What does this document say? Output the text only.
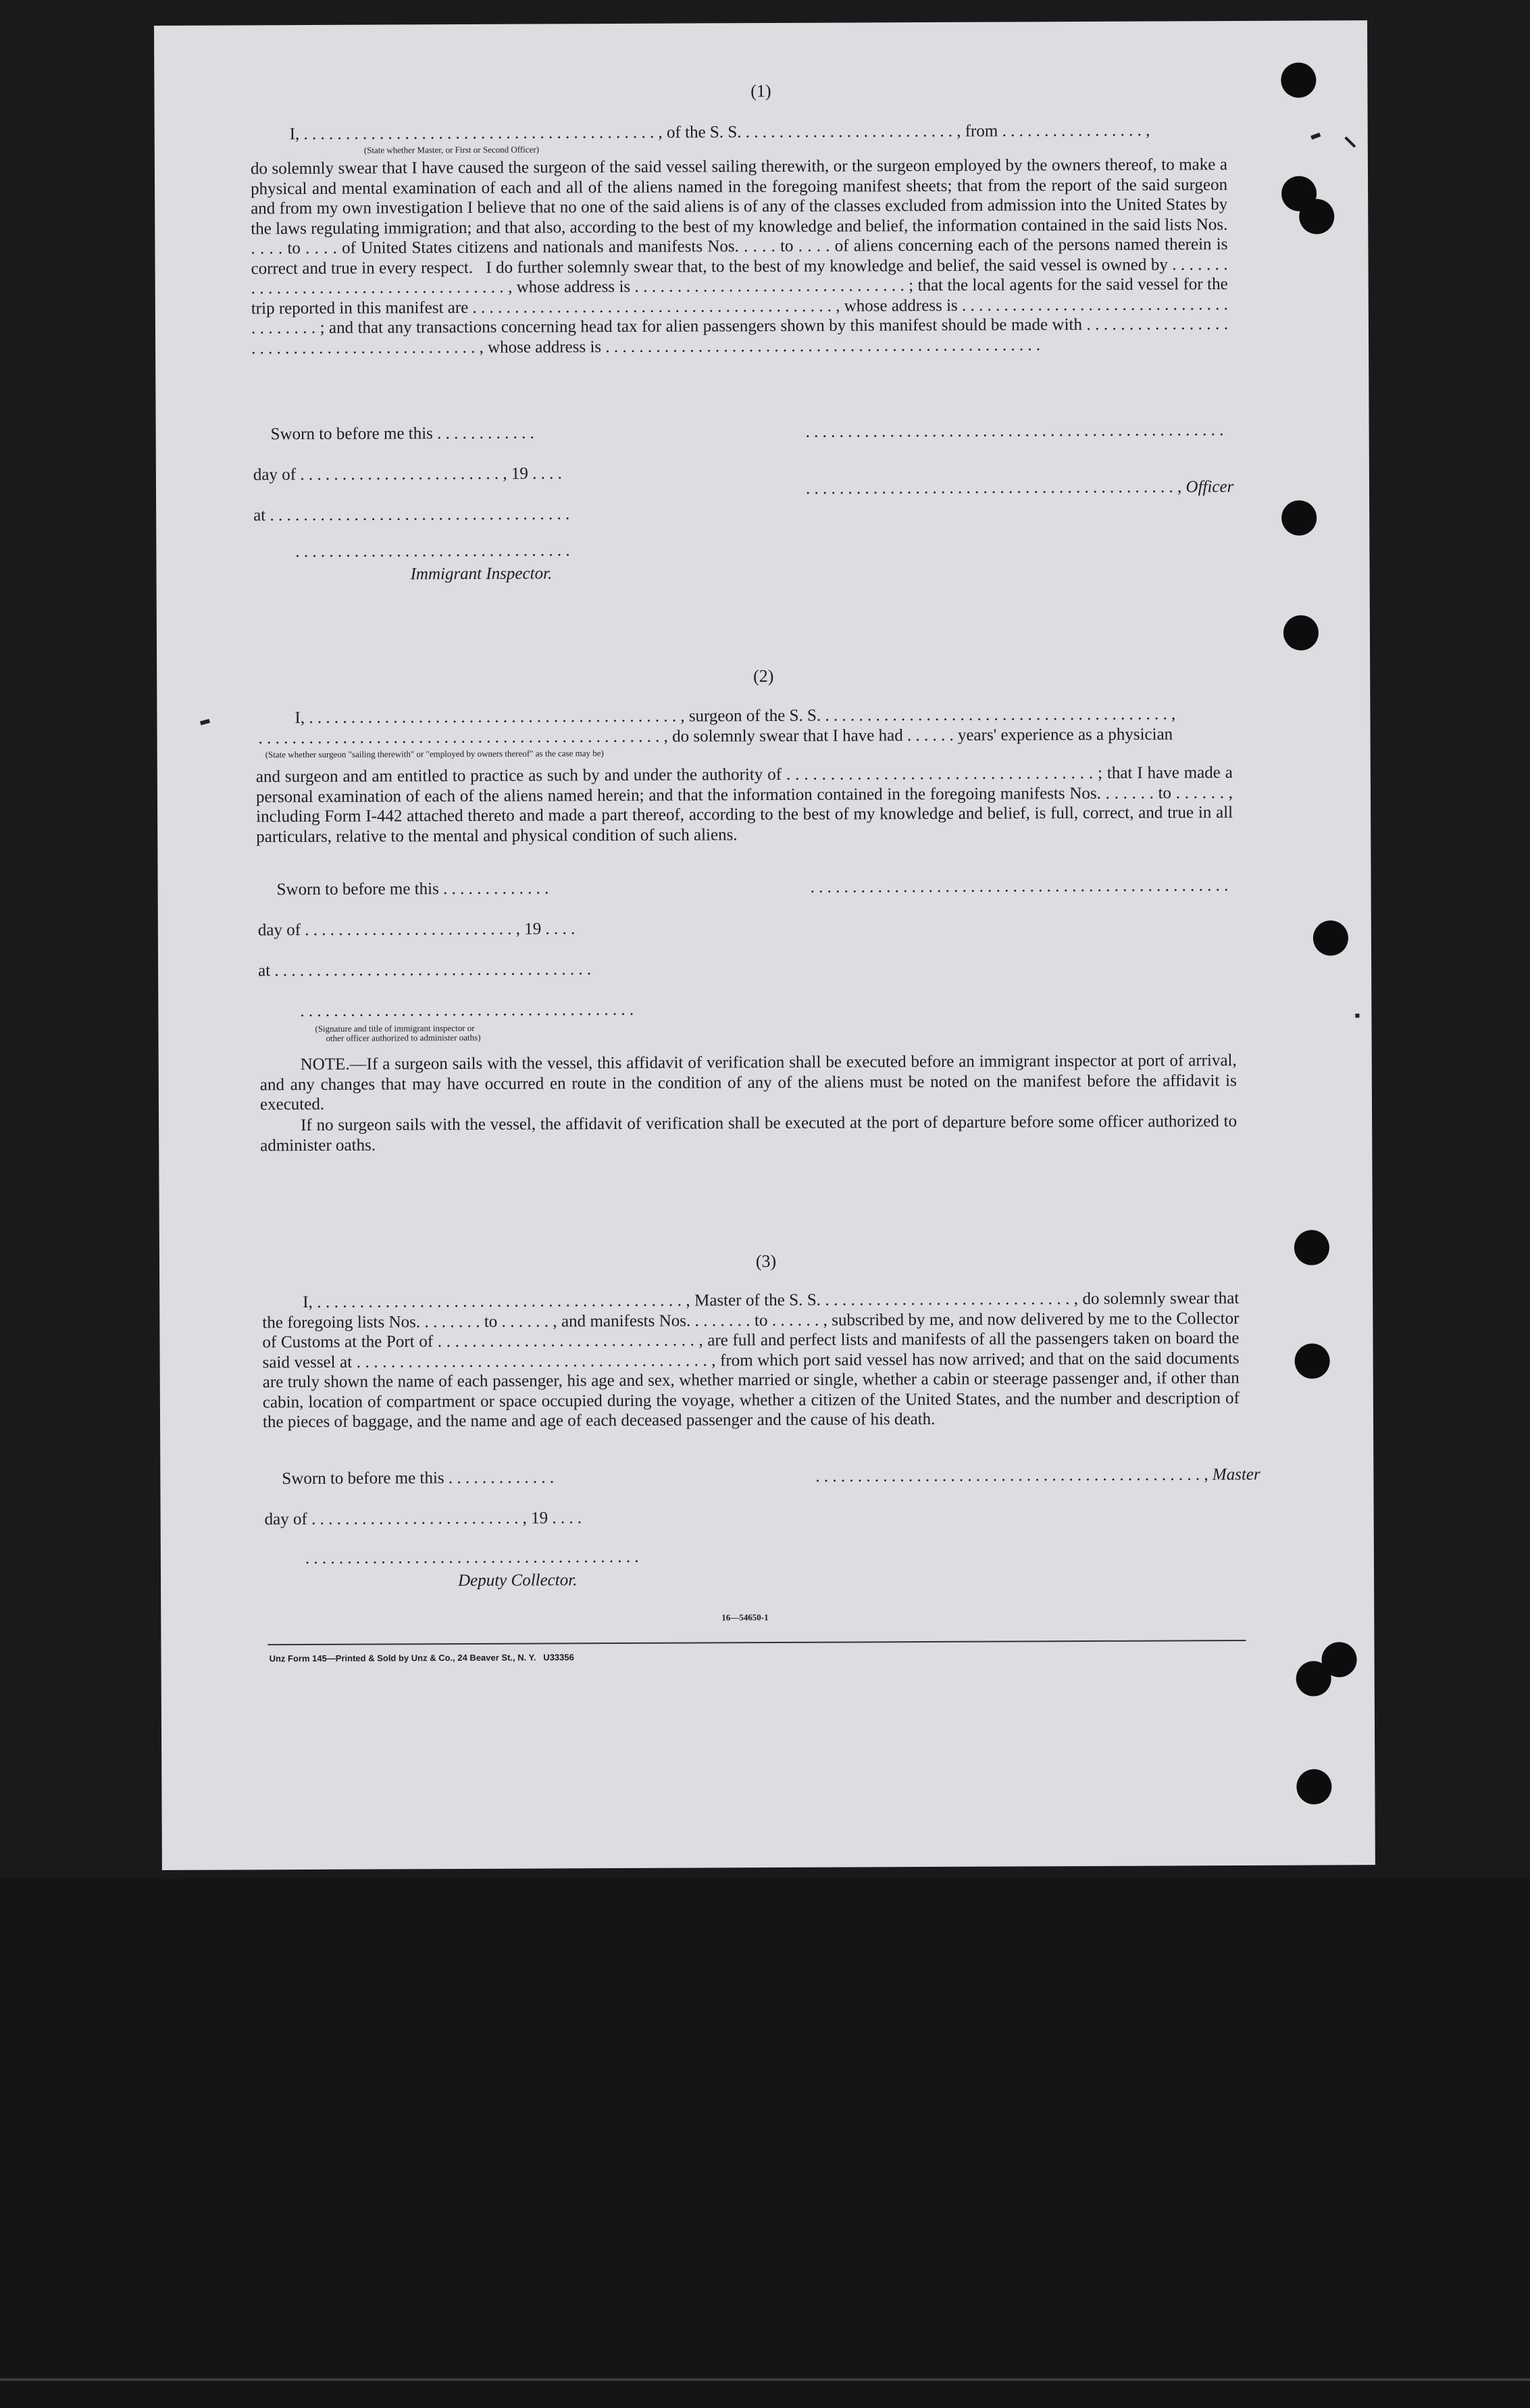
(1)
I, . . . . . . . . . . . . . . . . . . . . . . . . . . . . . . . . . . . . . . . . . . , of the S. S. . . . . . . . . . . . . . . . . . . . . . . . . . , from . . . . . . . . . . . . . . . . . ,
(State whether Master, or First or Second Officer)
do solemnly swear that I have caused the surgeon of the said vessel sailing therewith, or the surgeon employed by the owners thereof, to make a physical and mental examination of each and all of the aliens named in the foregoing manifest sheets; that from the report of the said surgeon and from my own investigation I believe that no one of the said aliens is of any of the classes excluded from admission into the United States by the laws regulating immigration; and that also, according to the best of my knowledge and belief, the information contained in the said lists Nos. . . . . to . . . . of United States citizens and nationals and manifests Nos. . . . . to . . . . of aliens concerning each of the persons named therein is correct and true in every respect.   I do further solemnly swear that, to the best of my knowledge and belief, the said vessel is owned by . . . . . . . . . . . . . . . . . . . . . . . . . . . . . . . . . . . . . , whose address is . . . . . . . . . . . . . . . . . . . . . . . . . . . . . . . . ; that the local agents for the said vessel for the trip reported in this manifest are . . . . . . . . . . . . . . . . . . . . . . . . . . . . . . . . . . . . . . . . . . . , whose address is . . . . . . . . . . . . . . . . . . . . . . . . . . . . . . . . . . . . . . . . ; and that any transactions concerning head tax for alien passengers shown by this manifest should be made with . . . . . . . . . . . . . . . . . . . . . . . . . . . . . . . . . . . . . . . . . . . . , whose address is . . . . . . . . . . . . . . . . . . . . . . . . . . . . . . . . . . . . . . . . . . . . . . . . . . . .
Sworn to before me this . . . . . . . . . . . .	. . . . . . . . . . . . . . . . . . . . . . . . . . . . . . . . . . . . . . . . . . . . . . . . . .
day of . . . . . . . . . . . . . . . . . . . . . . . . , 19 . . . .
. . . . . . . . . . . . . . . . . . . . . . . . . . . . . . . . . . . . . . . . . . . . , Officer
at . . . . . . . . . . . . . . . . . . . . . . . . . . . . . . . . . . . .
. . . . . . . . . . . . . . . . . . . . . . . . . . . . . . . . .
Immigrant Inspector.
(2)
I, . . . . . . . . . . . . . . . . . . . . . . . . . . . . . . . . . . . . . . . . . . . . , surgeon of the S. S. . . . . . . . . . . . . . . . . . . . . . . . . . . . . . . . . . . . . . . . . . ,
. . . . . . . . . . . . . . . . . . . . . . . . . . . . . . . . . . . . . . . . . . . . . . . . , do solemnly swear that I have had . . . . . . years' experience as a physician
(State whether surgeon "sailing therewith" or "employed by owners thereof" as the case may be)
and surgeon and am entitled to practice as such by and under the authority of . . . . . . . . . . . . . . . . . . . . . . . . . . . . . . . . . . . ; that I have made a personal examination of each of the aliens named herein; and that the information contained in the foregoing manifests Nos. . . . . . . to . . . . . . , including Form I-442 attached thereto and made a part thereof, according to the best of my knowledge and belief, is full, correct, and true in all particulars, relative to the mental and physical condition of such aliens.
Sworn to before me this . . . . . . . . . . . . .	. . . . . . . . . . . . . . . . . . . . . . . . . . . . . . . . . . . . . . . . . . . . . . . . . .
day of . . . . . . . . . . . . . . . . . . . . . . . . . , 19 . . . .
at . . . . . . . . . . . . . . . . . . . . . . . . . . . . . . . . . . . . . .
. . . . . . . . . . . . . . . . . . . . . . . . . . . . . . . . . . . . . . . .
(Signature and title of immigrant inspector or
other officer authorized to administer oaths)
NOTE.—If a surgeon sails with the vessel, this affidavit of verification shall be executed before an immigrant inspector at port of arrival, and any changes that may have occurred en route in the condition of any of the aliens must be noted on the manifest before the affidavit is executed.
If no surgeon sails with the vessel, the affidavit of verification shall be executed at the port of departure before some officer authorized to administer oaths.
(3)
I, . . . . . . . . . . . . . . . . . . . . . . . . . . . . . . . . . . . . . . . . . . . , Master of the S. S. . . . . . . . . . . . . . . . . . . . . . . . . . . . . . , do solemnly swear that the foregoing lists Nos. . . . . . . . to . . . . . . , and manifests Nos. . . . . . . . to . . . . . . , subscribed by me, and now delivered by me to the Collector of Customs at the Port of . . . . . . . . . . . . . . . . . . . . . . . . . . . . . . , are full and perfect lists and manifests of all the passengers taken on board the said vessel at . . . . . . . . . . . . . . . . . . . . . . . . . . . . . . . . . . . . . . . . . , from which port said vessel has now arrived; and that on the said documents are truly shown the name of each passenger, his age and sex, whether married or single, whether a cabin or steerage passenger and, if other than cabin, location of compartment or space occupied during the voyage, whether a citizen of the United States, and the number and description of the pieces of baggage, and the name and age of each deceased passenger and the cause of his death.
Sworn to before me this . . . . . . . . . . . . .	. . . . . . . . . . . . . . . . . . . . . . . . . . . . . . . . . . . . . . . . . . . . . . , Master
day of . . . . . . . . . . . . . . . . . . . . . . . . . , 19 . . . .
. . . . . . . . . . . . . . . . . . . . . . . . . . . . . . . . . . . . . . . .
Deputy Collector.
16—54650-1
Unz Form 145—Printed & Sold by Unz & Co., 24 Beaver St., N. Y.   U33356
